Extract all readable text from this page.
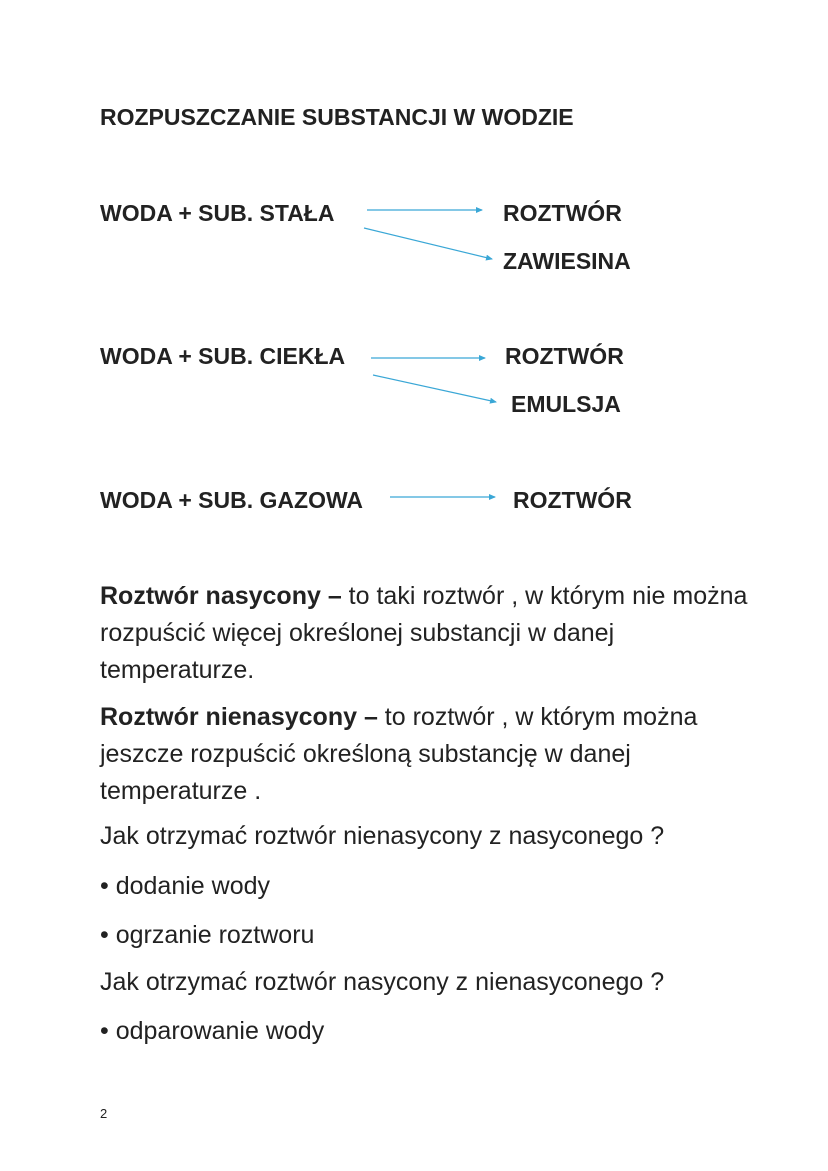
ROZPUSZCZANIE SUBSTANCJI W WODZIE
WODA + SUB. STAŁA	ROZTWÓR
ZAWIESINA
WODA + SUB. CIEKŁA	ROZTWÓR
EMULSJA
WODA + SUB. GAZOWA	ROZTWÓR
Roztwór nasycony – to taki roztwór , w którym nie można rozpuścić więcej określonej substancji w danej temperaturze.
Roztwór nienasycony – to roztwór , w którym można jeszcze rozpuścić określoną substancję w danej temperaturze .
Jak otrzymać roztwór nienasycony z nasyconego ?
• dodanie wody
• ogrzanie roztworu
Jak otrzymać roztwór nasycony z nienasyconego ?
• odparowanie wody
2
